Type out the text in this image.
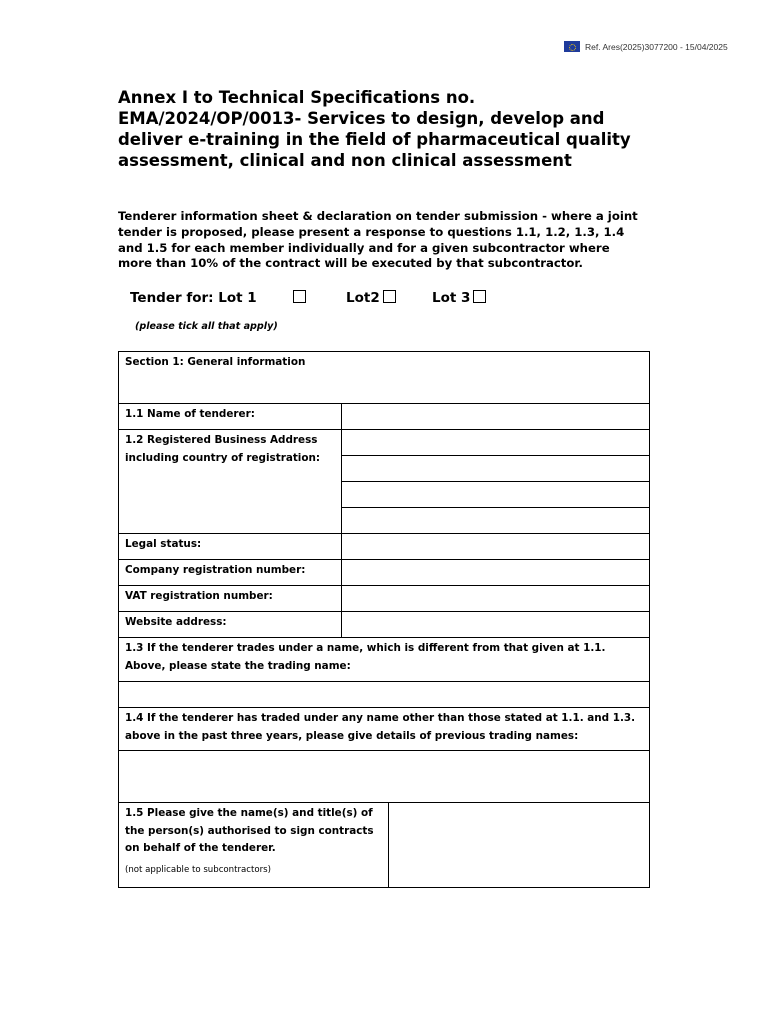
Ref. Ares(2025)3077200 - 15/04/2025
Annex I to Technical Specifications no. EMA/2024/OP/0013- Services to design, develop and deliver e-training in the field of pharmaceutical quality assessment, clinical and non clinical assessment

Tenderer information sheet & declaration on tender submission - where a joint tender is proposed, please present a response to questions 1.1, 1.2, 1.3, 1.4 and 1.5 for each member individually and for a given subcontractor where more than 10% of the contract will be executed by that subcontractor.

Tender for: Lot 1	Lot2	Lot 3
(please tick all that apply)
Section 1: General information
1.1 Name of tenderer:
1.2 Registered Business Address including country of registration:
Legal status:
Company registration number:
VAT registration number:
Website address:
1.3 If the tenderer trades under a name, which is different from that given at 1.1. Above, please state the trading name:
1.4 If the tenderer has traded under any name other than those stated at 1.1. and 1.3. above in the past three years, please give details of previous trading names:
1.5 Please give the name(s) and title(s) of the person(s) authorised to sign contracts on behalf of the tenderer.
(not applicable to subcontractors)
